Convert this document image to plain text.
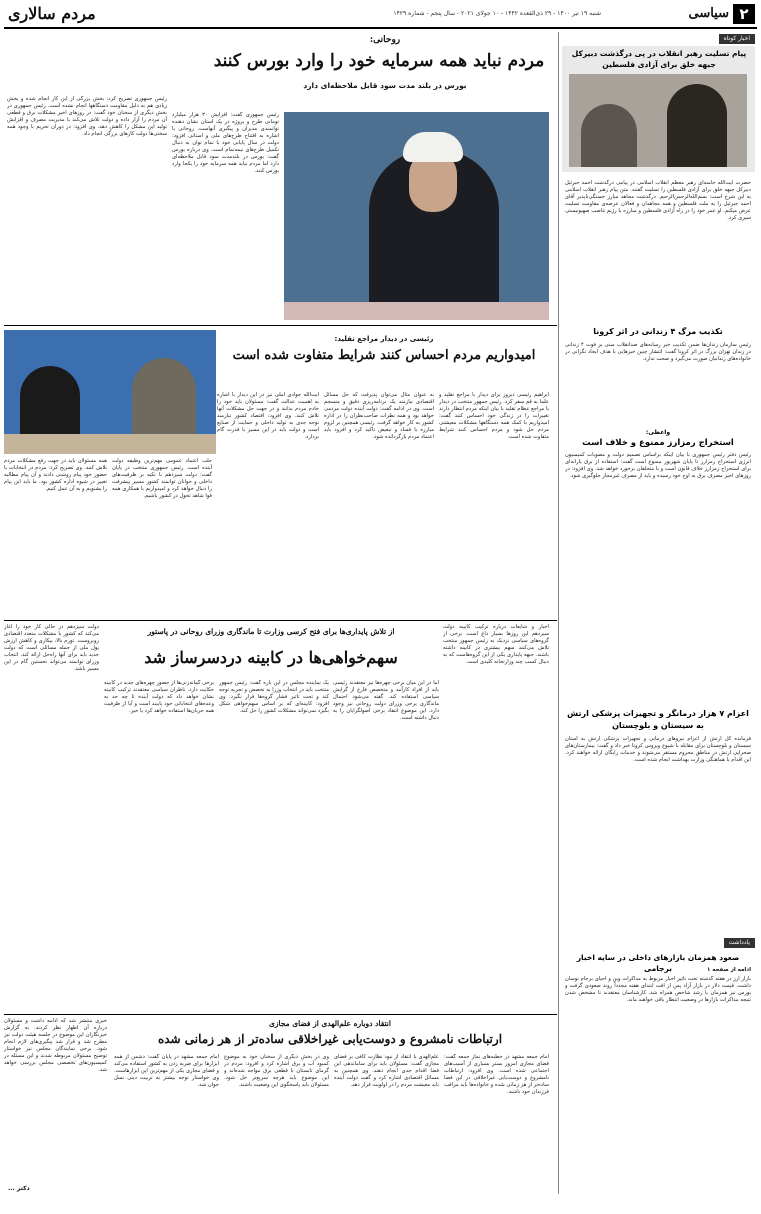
۲
سیاسی
شنبه ۱۹ تیر ۱۴۰۰ - ۲۹ ذی‌القعده ۱۴۴۲ - ۱۰ جولای ۲۰۲۱ - سال پنجم - شماره ۱۴۲۹
مردم سالاری
اخبار کوتاه
پیام تسلیت رهبر انقلاب در پی درگذشت دبیرکل جبهه خلق برای آزادی فلسطین
حضرت آیت‌الله خامنه‌ای رهبر معظم انقلاب اسلامی در پیامی درگذشت احمد جبرئیل دبیرکل جبهه خلق برای آزادی فلسطین را تسلیت گفتند. متن پیام رهبر انقلاب اسلامی به این شرح است: بسم‌الله‌الرحمن‌الرحیم. درگذشت مجاهد مبارز خستگی‌ناپذیر آقای احمد جبرئیل را به ملت فلسطین و همه مجاهدان و فعالان عرصه‌ی مقاومت تسلیت عرض میکنم. او عمر خود را در راه آزادی فلسطین و مبارزه با رژیم غاصب صهیونیستی سپری کرد.
تکذیب مرگ ۴ زندانی در اثر کرونا
رئیس سازمان زندان‌ها ضمن تکذیب خبر رسانه‌های ضدانقلاب مبنی بر فوت ۴ زندانی در زندان تهران بزرگ در اثر کرونا گفت: انتشار چنین خبرهایی با هدف ایجاد نگرانی در خانواده‌های زندانیان صورت می‌گیرد و صحت ندارد.
واعظی:
استخراج رمزارز ممنوع و خلاف است
رئیس دفتر رئیس جمهوری با بیان اینکه براساس تصمیم دولت و مصوبات کمیسیون انرژی استخراج رمزارز تا پایان شهریور ممنوع است گفت: استفاده از برق یارانه‌ای برای استخراج رمزارز خلاف قانون است و با متخلفان برخورد خواهد شد. وی افزود: در روزهای اخیر مصرف برق به اوج خود رسیده و باید از مصرف غیرمجاز جلوگیری شود.
اعزام ۷ هزار درمانگر و تجهیزات پزشکی ارتش به سیستان و بلوچستان
فرمانده کل ارتش از اعزام نیروهای درمانی و تجهیزات پزشکی ارتش به استان سیستان و بلوچستان برای مقابله با شیوع ویروس کرونا خبر داد و گفت: بیمارستان‌های صحرایی ارتش در مناطق محروم مستقر می‌شوند و خدمات رایگان ارائه خواهند کرد. این اقدام با هماهنگی وزارت بهداشت انجام شده است.
یادداشت
صعود همزمان بازارهای داخلی در سایه اخبار برجامی	ادامه از صفحه ۱
بازار ارز در هفته گذشته تحت تاثیر اخبار مربوط به مذاکرات وین و احیای برجام نوسان داشت. قیمت دلار در بازار آزاد پس از افت ابتدای هفته مجدداً روند صعودی گرفت و بورس نیز همزمان با رشد شاخص همراه شد. کارشناسان معتقدند تا مشخص شدن نتیجه مذاکرات بازارها در وضعیت انتظار باقی خواهند ماند.
روحانی:
مردم نباید همه سرمایه خود را وارد بورس کنند
بورس در بلند مدت سود قابل ملاحظه‌ای دارد
رئیس جمهوری گفت: افزایش ۳۰ هزار میلیارد تومانی طرح و پروژه در یک استان نشان دهنده توانمندی مدیران و پیگیری آنهاست. روحانی با اشاره به افتتاح طرح‌های ملی و استانی افزود: دولت در سال پایانی خود با تمام توان به دنبال تکمیل طرح‌های نیمه‌تمام است. وی درباره بورس گفت: بورس در بلندمدت سود قابل ملاحظه‌ای دارد اما مردم نباید همه سرمایه خود را یکجا وارد بورس کنند.
رئیس جمهوری تصریح کرد: بخش بزرگی از این کار انجام شده و بخش زیادی هم به دلیل مقاومت دستگاهها انجام نشده است. رئیس جمهوری در بخش دیگری از سخنان خود گفت: در روزهای اخیر مشکلات برق و قطعی آن مردم را آزار داده و دولت تلاش می‌کند با مدیریت مصرف و افزایش تولید این مشکل را کاهش دهد. وی افزود: در دوران تحریم با وجود همه سختی‌ها دولت کارهای بزرگی انجام داد.
رئیسی در دیدار مراجع تقلید:
امیدواریم مردم احساس کنند شرایط متفاوت شده است
ابراهیم رئیسی دیروز برای دیدار با مراجع تقلید و علما به قم سفر کرد. رئیس جمهور منتخب در دیدار با مراجع عظام تقلید با بیان اینکه مردم انتظار دارند تغییرات را در زندگی خود احساس کنند گفت: امیدواریم با کمک همه دستگاهها مشکلات معیشتی مردم حل شود و مردم احساس کنند شرایط متفاوت شده است.
به عنوان مثال می‌توان پذیرفت که حل مسائل اقتصادی نیازمند یک برنامه‌ریزی دقیق و منسجم است. وی در ادامه گفت: دولت آینده دولت مردمی خواهد بود و همه نظرات صاحب‌نظران را در اداره کشور به کار خواهد گرفت. رئیسی همچنین بر لزوم مبارزه با فساد و تبعیض تاکید کرد و افزود باید اعتماد مردم بازگردانده شود.
آیت‌الله جوادی آملی نیز در این دیدار با اشاره به اهمیت عدالت گفت: مسئولان باید خود را خادم مردم بدانند و در جهت حل مشکلات آنها تلاش کنند. وی افزود: اقتصاد کشور نیازمند توجه جدی به تولید داخلی و حمایت از صنایع است و دولت باید در این مسیر با قدرت گام بردارد.
جلب اعتماد عمومی مهم‌ترین وظیفه دولت آینده است. رئیس جمهوری منتخب در پایان گفت: دولت سیزدهم با تکیه بر ظرفیت‌های داخلی و جوانان توانمند کشور مسیر پیشرفت را دنبال خواهد کرد و امیدواریم با همکاری همه قوا شاهد تحول در کشور باشیم.
همه مسئولان باید در جهت رفع مشکلات مردم تلاش کنند. وی تصریح کرد: مردم در انتخابات با حضور خود پیام روشنی دادند و آن پیام مطالبه تغییر در شیوه اداره کشور بود. ما باید این پیام را بشنویم و به آن عمل کنیم.
اخبار و شایعات درباره ترکیب کابینه دولت سیزدهم این روزها بسیار داغ است. برخی از گروه‌های سیاسی نزدیک به رئیس جمهور منتخب تلاش می‌کنند سهم بیشتری در کابینه داشته باشند. جبهه پایداری یکی از این گروه‌هاست که به دنبال کسب چند وزارتخانه کلیدی است.
از تلاش پایداری‌ها برای فتح کرسی وزارت تا ماندگاری وزرای روحانی در پاستور
سهم‌خواهی‌ها در کابینه دردسرساز شد
اما در این میان برخی چهره‌ها نیز معتقدند رئیسی باید از افراد کارآمد و متخصص فارغ از گرایش سیاسی استفاده کند. گفته می‌شود احتمال ماندگاری برخی وزرای دولت روحانی نیز وجود دارد. این موضوع انتقاد برخی اصولگرایان را به دنبال داشته است.
یک نماینده مجلس در این باره گفت: رئیس جمهور منتخب باید در انتخاب وزرا به تخصص و تجربه توجه کند و تحت تاثیر فشار گروه‌ها قرار نگیرد. وی افزود: کابینه‌ای که بر اساس سهم‌خواهی شکل بگیرد نمی‌تواند مشکلات کشور را حل کند.
برخی گمانه‌زنی‌ها از حضور چهره‌های جدید در کابینه حکایت دارد. ناظران سیاسی معتقدند ترکیب کابینه نشان خواهد داد که دولت آینده تا چه حد به وعده‌های انتخاباتی خود پایبند است و آیا از ظرفیت همه جریان‌ها استفاده خواهد کرد یا خیر.
دولت سیزدهم در حالی کار خود را آغاز می‌کند که کشور با مشکلات متعدد اقتصادی روبروست. تورم بالا، بیکاری و کاهش ارزش پول ملی از جمله مسائلی است که دولت جدید باید برای آنها راه‌حل ارائه کند. انتخاب وزرای توانمند می‌تواند نخستین گام در این مسیر باشد.
انتقاد دوباره علم‌الهدی از فضای مجازی
ارتباطات نامشروع و دوست‌یابی غیراخلاقی ساده‌تر از هر زمانی شده
امام جمعه مشهد در خطبه‌های نماز جمعه گفت: فضای مجازی امروز بستر بسیاری از آسیب‌های اجتماعی شده است. وی افزود: ارتباطات نامشروع و دوست‌یابی غیراخلاقی در این فضا ساده‌تر از هر زمانی شده و خانواده‌ها باید مراقب فرزندان خود باشند.
علم‌الهدی با انتقاد از نبود نظارت کافی بر فضای مجازی گفت: مسئولان باید برای ساماندهی این فضا اقدام جدی انجام دهند. وی همچنین به مسائل اقتصادی اشاره کرد و گفت دولت آینده باید معیشت مردم را در اولویت قرار دهد.
وی در بخش دیگری از سخنان خود به موضوع کمبود آب و برق اشاره کرد و افزود: مردم در گرمای تابستان با قطعی برق مواجه شده‌اند و این موضوع باید هرچه سریع‌تر حل شود. مسئولان باید پاسخگوی این وضعیت باشند.
امام جمعه مشهد در پایان گفت: دشمن از همه ابزارها برای ضربه زدن به کشور استفاده می‌کند و فضای مجازی یکی از مهم‌ترین این ابزارهاست. وی خواستار توجه بیشتر به تربیت دینی نسل جوان شد.
خبری منتشر شد که ادامه داشت و مسئولان درباره آن اظهار نظر کردند. به گزارش خبرنگاران این موضوع در جلسه هیئت دولت نیز مطرح شد و قرار شد پیگیری‌های لازم انجام شود. برخی نمایندگان مجلس نیز خواستار توضیح مسئولان مربوطه شدند و این مسئله در کمیسیون‌های تخصصی مجلس بررسی خواهد شد.
دکتر ...
